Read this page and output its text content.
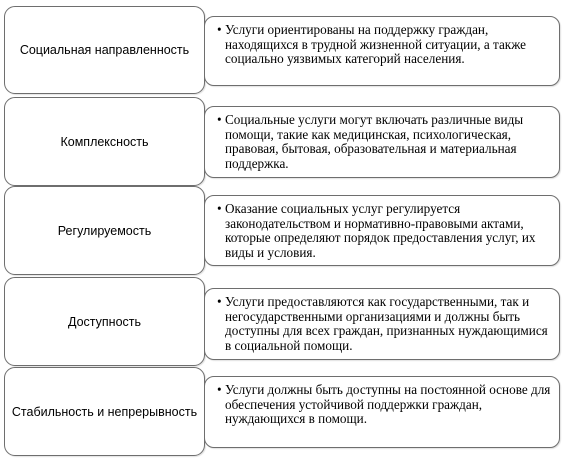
Социальная направленность

• Услуги ориентированы на поддержку граждан, находящихся в трудной жизненной ситуации, а также социально уязвимых категорий населения.

Комплексность

• Социальные услуги могут включать различные виды помощи, такие как медицинская, психологическая, правовая, бытовая, образовательная и материальная поддержка.

Регулируемость

• Оказание социальных услуг регулируется законодательством и нормативно-правовыми актами, которые определяют порядок предоставления услуг, их виды и условия.

Доступность

• Услуги предоставляются как государственными, так и негосударственными организациями и должны быть доступны для всех граждан, признанных нуждающимися в социальной помощи.

Стабильность и непрерывность

• Услуги должны быть доступны на постоянной основе для обеспечения устойчивой поддержки граждан, нуждающихся в помощи.
